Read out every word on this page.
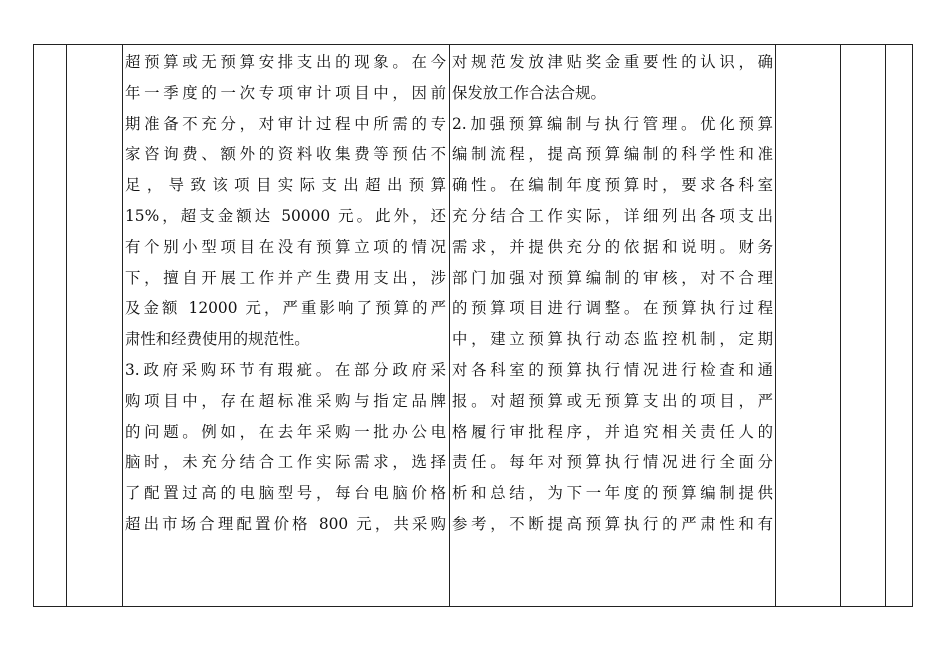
超预算或无预算安排支出的现象。在今
年一季度的一次专项审计项目中，因前
期准备不充分，对审计过程中所需的专
家咨询费、额外的资料收集费等预估不
足，导致该项目实际支出超出预算
15%，超支金额达 50000 元。此外，还
有个别小型项目在没有预算立项的情况
下，擅自开展工作并产生费用支出，涉
及金额 12000 元，严重影响了预算的严
肃性和经费使用的规范性。
3.政府采购环节有瑕疵。在部分政府采
购项目中，存在超标准采购与指定品牌
的问题。例如，在去年采购一批办公电
脑时，未充分结合工作实际需求，选择
了配置过高的电脑型号，每台电脑价格
超出市场合理配置价格 800 元，共采购
对规范发放津贴奖金重要性的认识，确
保发放工作合法合规。
2.加强预算编制与执行管理。优化预算
编制流程，提高预算编制的科学性和准
确性。在编制年度预算时，要求各科室
充分结合工作实际，详细列出各项支出
需求，并提供充分的依据和说明。财务
部门加强对预算编制的审核，对不合理
的预算项目进行调整。在预算执行过程
中，建立预算执行动态监控机制，定期
对各科室的预算执行情况进行检查和通
报。对超预算或无预算支出的项目，严
格履行审批程序，并追究相关责任人的
责任。每年对预算执行情况进行全面分
析和总结，为下一年度的预算编制提供
参考，不断提高预算执行的严肃性和有
